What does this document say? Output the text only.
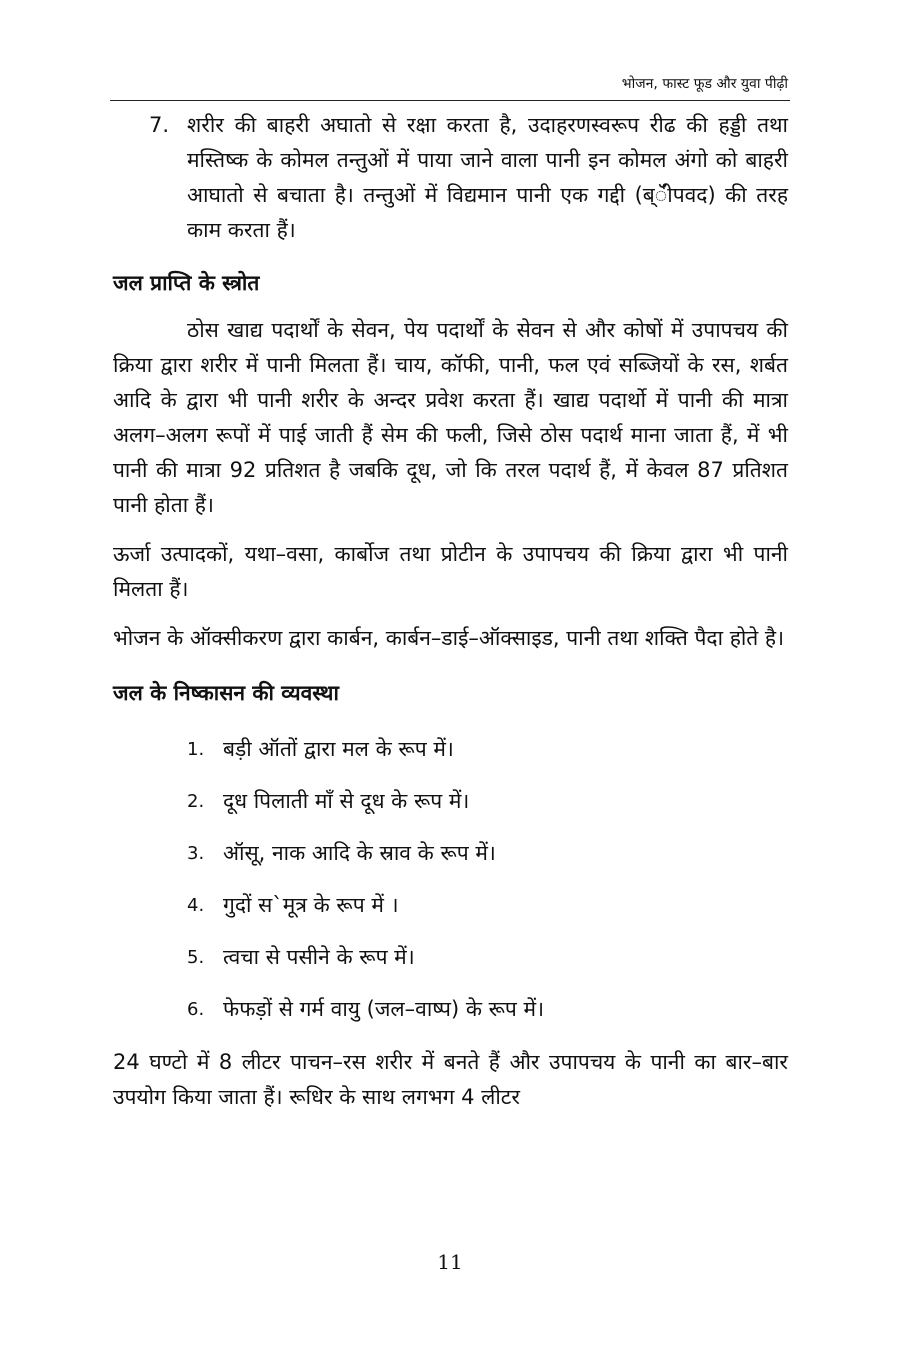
भोजन, फास्ट फूड और युवा पीढ़ी
7. शरीर की बाहरी अघातो से रक्षा करता है, उदाहरणस्वरूप रीढ की हड्डी तथा मस्तिष्क के कोमल तन्तुओं में पाया जाने वाला पानी इन कोमल अंगो को बाहरी आघातो से बचाता है। तन्तुओं में विद्यमान पानी एक गद्दी (ब्ॅीपवद) की तरह काम करता हैं।
जल प्राप्ति के स्त्रोत

ठोस खाद्य पदार्थों के सेवन, पेय पदार्थों के सेवन से और कोषों में उपापचय की क्रिया द्वारा शरीर में पानी मिलता हैं। चाय, कॉफी, पानी, फल एवं सब्जियों के रस, शर्बत आदि के द्वारा भी पानी शरीर के अन्दर प्रवेश करता हैं। खाद्य पदार्थो में पानी की मात्रा अलग–अलग रूपों में पाई जाती हैं सेम की फली, जिसे ठोस पदार्थ माना जाता हैं, में भी पानी की मात्रा 92 प्रतिशत है जबकि दूध, जो कि तरल पदार्थ हैं, में केवल 87 प्रतिशत पानी होता हैं।

ऊर्जा उत्पादकों, यथा–वसा, कार्बोज तथा प्रोटीन के उपापचय की क्रिया द्वारा भी पानी मिलता हैं।

भोजन के ऑक्सीकरण द्वारा कार्बन, कार्बन–डाई–ऑक्साइड, पानी तथा शक्ति पैदा होते है।

जल के निष्कासन की व्यवस्था
1. बड़ी ऑतों द्वारा मल के रूप में।
2. दूध पिलाती माँ से दूध के रूप में।
3. ऑसू, नाक आदि के स्राव के रूप में।
4. गुदों स`मूत्र के रूप में ।
5. त्वचा से पसीने के रूप में।
6. फेफड़ों से गर्म वायु (जल–वाष्प) के रूप में।

24 घण्टो में 8 लीटर पाचन–रस शरीर में बनते हैं और उपापचय के पानी का बार–बार उपयोग किया जाता हैं। रूधिर के साथ लगभग 4 लीटर

11
